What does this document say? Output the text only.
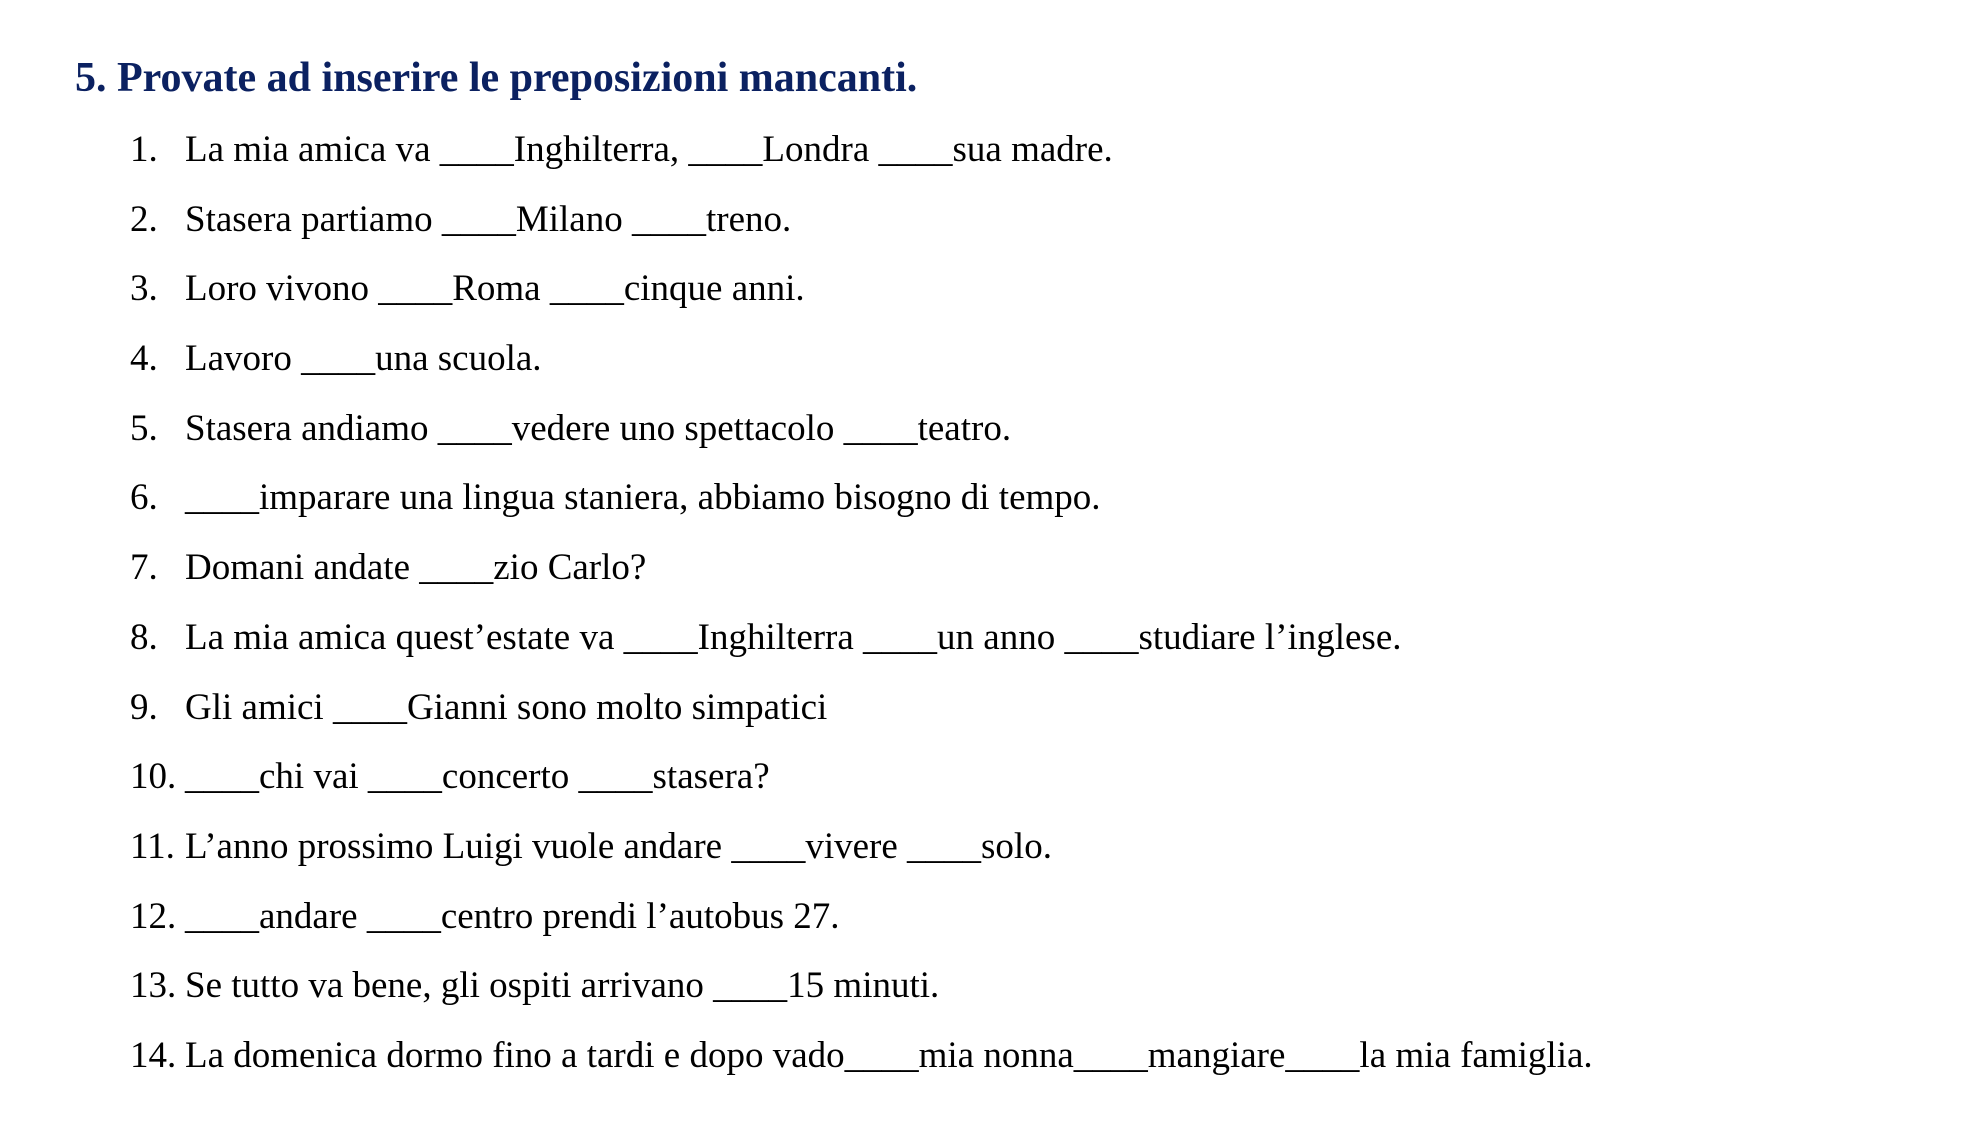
5. Provate ad inserire le preposizioni mancanti.
1. La mia amica va ____Inghilterra, ____Londra ____sua madre.
2. Stasera partiamo ____Milano ____treno.
3. Loro vivono ____Roma ____cinque anni.
4. Lavoro ____una scuola.
5. Stasera andiamo ____vedere uno spettacolo ____teatro.
6. ____imparare una lingua staniera, abbiamo bisogno di tempo.
7. Domani andate ____zio Carlo?
8. La mia amica quest’estate va ____Inghilterra ____un anno ____studiare l’inglese.
9. Gli amici ____Gianni sono molto simpatici
10. ____chi vai ____concerto ____stasera?
11. L’anno prossimo Luigi vuole andare ____vivere ____solo.
12. ____andare ____centro prendi l’autobus 27.
13. Se tutto va bene, gli ospiti arrivano ____15 minuti.
14. La domenica dormo fino a tardi e dopo vado____mia nonna____mangiare____la mia famiglia.
